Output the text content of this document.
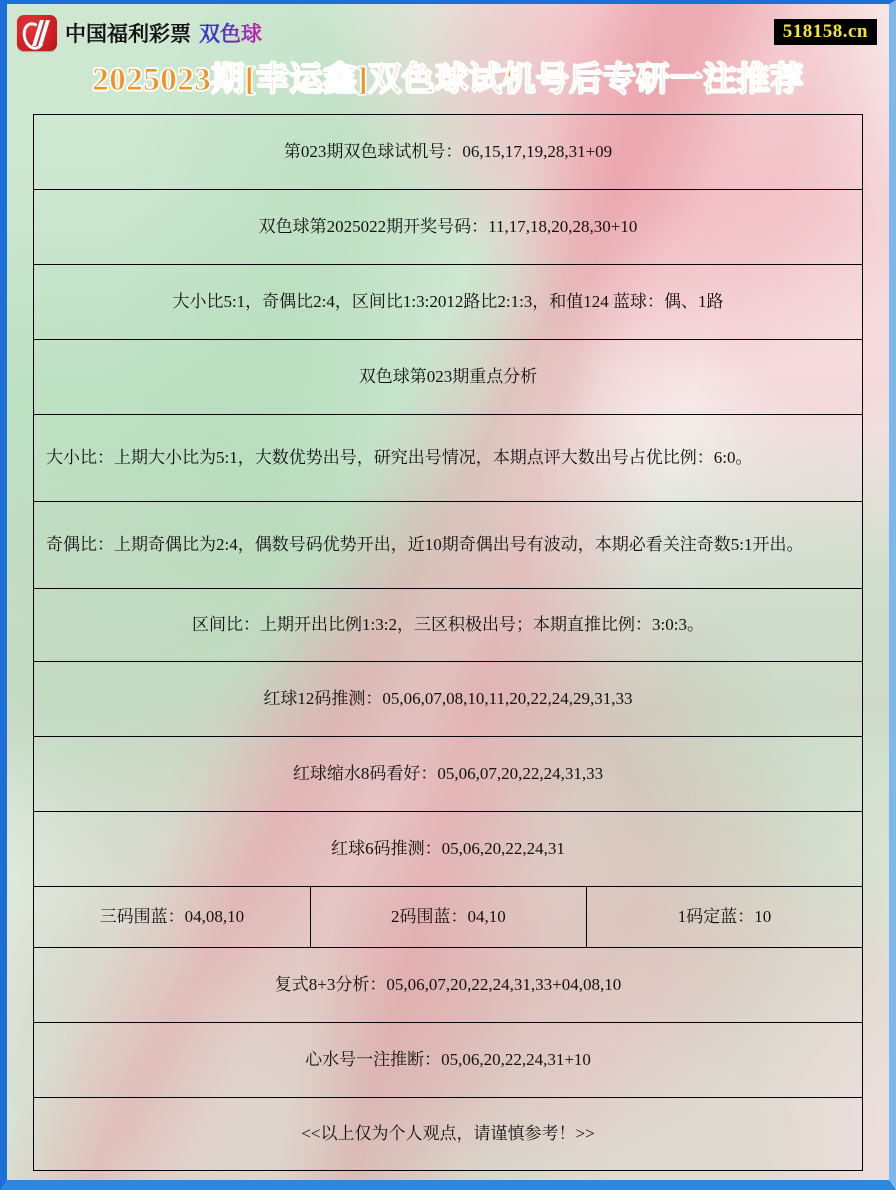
中国福利彩票 双色球	518158.cn
2025023期[幸运鑫]双色球试机号后专研一注推荐
第023期双色球试机号：06,15,17,19,28,31+09
双色球第2025022期开奖号码：11,17,18,20,28,30+10
大小比5:1，奇偶比2:4，区间比1:3:2012路比2:1:3，和值124 蓝球：偶、1路
双色球第023期重点分析
大小比：上期大小比为5:1，大数优势出号，研究出号情况，本期点评大数出号占优比例：6:0。
奇偶比：上期奇偶比为2:4，偶数号码优势开出，近10期奇偶出号有波动，本期必看关注奇数5:1开出。
区间比：上期开出比例1:3:2，三区积极出号；本期直推比例：3:0:3。
红球12码推测：05,06,07,08,10,11,20,22,24,29,31,33
红球缩水8码看好：05,06,07,20,22,24,31,33
红球6码推测：05,06,20,22,24,31
三码围蓝：04,08,10	2码围蓝：04,10	1码定蓝：10
复式8+3分析：05,06,07,20,22,24,31,33+04,08,10
心水号一注推断：05,06,20,22,24,31+10
<<以上仅为个人观点，请谨慎参考！>>
